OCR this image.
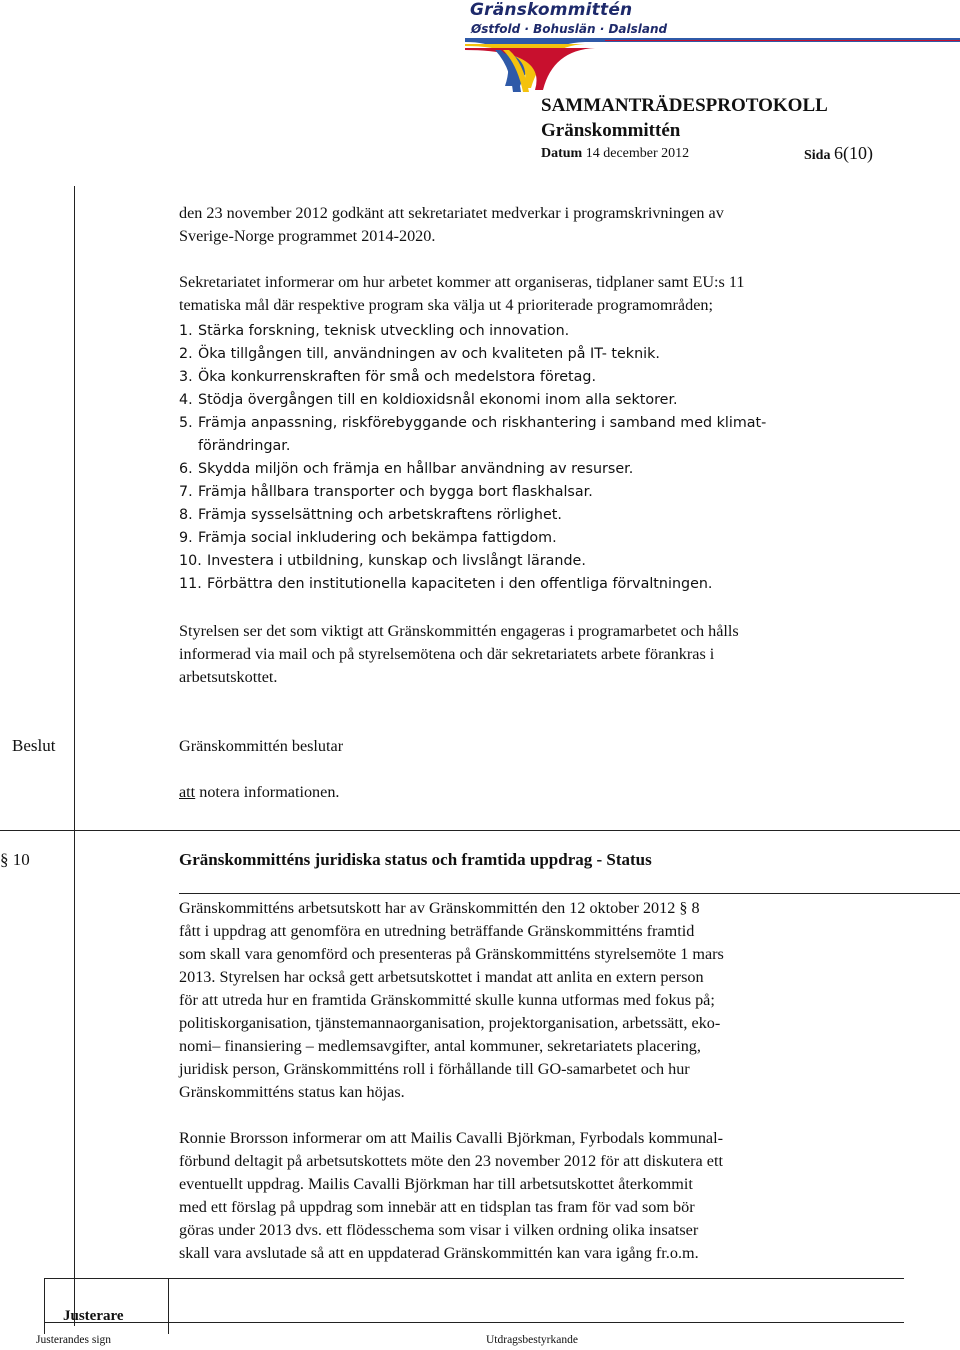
Gränskommittén
Østfold · Bohuslän · Dalsland
SAMMANTRÄDESPROTOKOLL
Gränskommittén
Datum 14 december 2012	Sida 6(10)
den 23 november 2012 godkänt att sekretariatet medverkar i programskrivningen av
Sverige-Norge programmet 2014-2020.
Sekretariatet informerar om hur arbetet kommer att organiseras, tidplaner samt EU:s 11
tematiska mål där respektive program ska välja ut 4 prioriterade programområden;
1. Stärka forskning, teknisk utveckling och innovation.
2. Öka tillgången till, användningen av och kvaliteten på IT- teknik.
3. Öka konkurrenskraften för små och medelstora företag.
4. Stödja övergången till en koldioxidsnål ekonomi inom alla sektorer.
5. Främja anpassning, riskförebyggande och riskhantering i samband med klimat-
förändringar.
6. Skydda miljön och främja en hållbar användning av resurser.
7. Främja hållbara transporter och bygga bort flaskhalsar.
8. Främja sysselsättning och arbetskraftens rörlighet.
9. Främja social inkludering och bekämpa fattigdom.
10. Investera i utbildning, kunskap och livslångt lärande.
11. Förbättra den institutionella kapaciteten i den offentliga förvaltningen.
Styrelsen ser det som viktigt att Gränskommittén engageras i programarbetet och hålls
informerad via mail och på styrelsemötena och där sekretariatets arbete förankras i
arbetsutskottet.
Beslut	Gränskommittén beslutar
att notera informationen.
§ 10	Gränskommitténs juridiska status och framtida uppdrag - Status
Gränskommitténs arbetsutskott har av Gränskommittén den 12 oktober 2012 § 8
fått i uppdrag att genomföra en utredning beträffande Gränskommitténs framtid
som skall vara genomförd och presenteras på Gränskommitténs styrelsemöte 1 mars
2013. Styrelsen har också gett arbetsutskottet i mandat att anlita en extern person
för att utreda hur en framtida Gränskommitté skulle kunna utformas med fokus på;
politiskorganisation, tjänstemannaorganisation, projektorganisation, arbetssätt, eko-
nomi– finansiering – medlemsavgifter, antal kommuner, sekretariatets placering,
juridisk person, Gränskommitténs roll i förhållande till GO-samarbetet och hur
Gränskommitténs status kan höjas.
Ronnie Brorsson informerar om att Mailis Cavalli Björkman, Fyrbodals kommunal-
förbund deltagit på arbetsutskottets möte den 23 november 2012 för att diskutera ett
eventuellt uppdrag. Mailis Cavalli Björkman har till arbetsutskottet återkommit
med ett förslag på uppdrag som innebär att en tidsplan tas fram för vad som bör
göras under 2013 dvs. ett flödesschema som visar i vilken ordning olika insatser
skall vara avslutade så att en uppdaterad Gränskommittén kan vara igång fr.o.m.
Justerare
Justerandes sign	Utdragsbestyrkande
